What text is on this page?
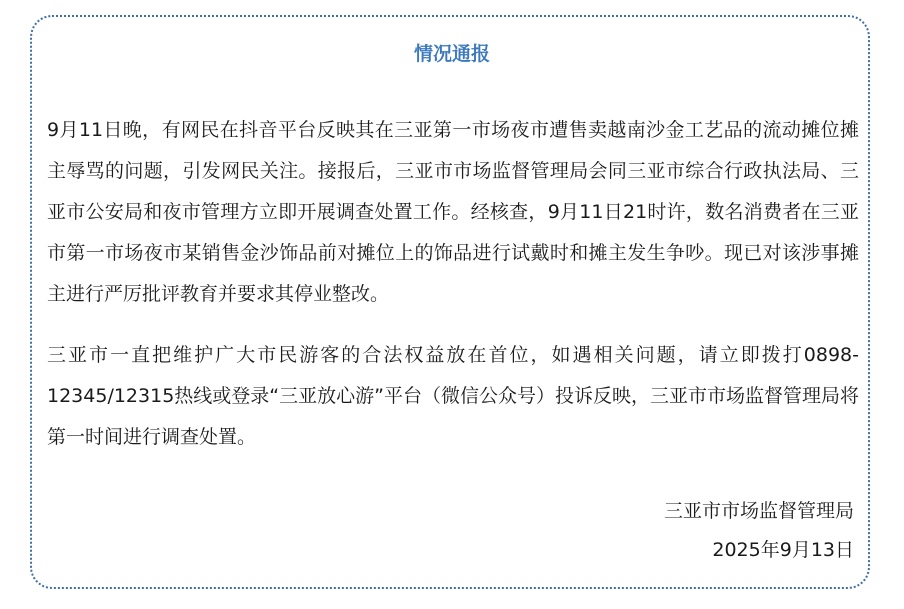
情况通报

9月11日晚，有网民在抖音平台反映其在三亚第一市场夜市遭售卖越南沙金工艺品的流动摊位摊主辱骂的问题，引发网民关注。接报后，三亚市市场监督管理局会同三亚市综合行政执法局、三亚市公安局和夜市管理方立即开展调查处置工作。经核查，9月11日21时许，数名消费者在三亚市第一市场夜市某销售金沙饰品前对摊位上的饰品进行试戴时和摊主发生争吵。现已对该涉事摊主进行严厉批评教育并要求其停业整改。

三亚市一直把维护广大市民游客的合法权益放在首位，如遇相关问题，请立即拨打0898-12345/12315热线或登录“三亚放心游”平台（微信公众号）投诉反映，三亚市市场监督管理局将第一时间进行调查处置。

三亚市市场监督管理局
2025年9月13日
